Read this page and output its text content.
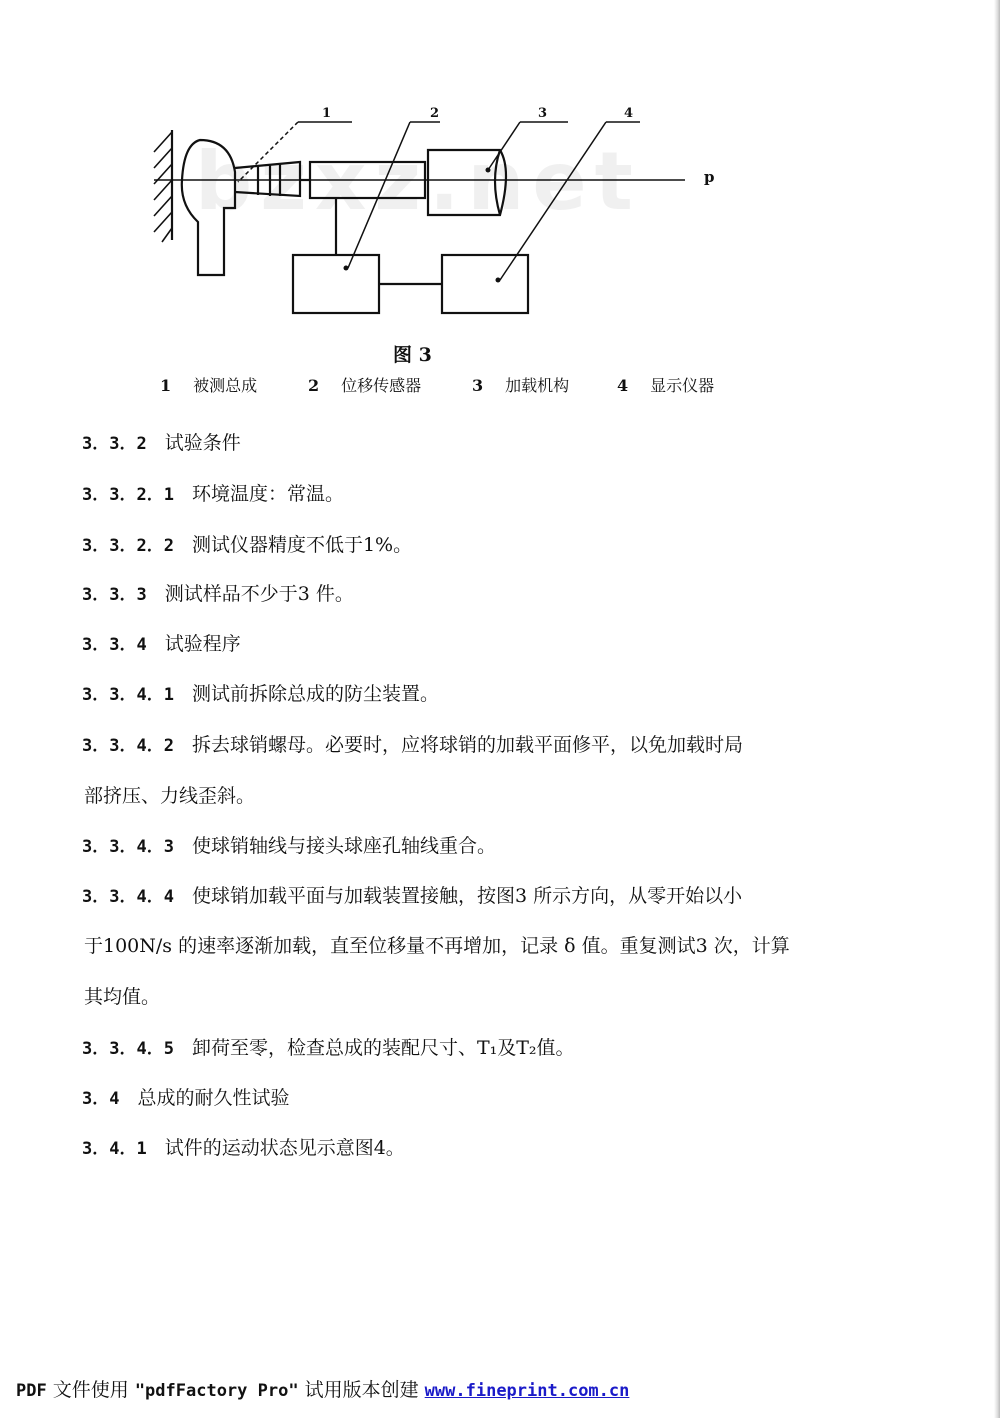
1	2	3	4
p
bzxz.net
图 3
1 被测总成	2 位移传感器	3 加载机构	4 显示仪器
3．3．2 试验条件
3．3．2．1 环境温度：常温。
3．3．2．2 测试仪器精度不低于1%。
3．3．3 测试样品不少于3 件。
3．3．4 试验程序
3．3．4．1 测试前拆除总成的防尘装置。
3．3．4．2 拆去球销螺母。必要时，应将球销的加载平面修平，以免加载时局
部挤压、力线歪斜。
3．3．4．3 使球销轴线与接头球座孔轴线重合。
3．3．4．4 使球销加载平面与加载装置接触，按图3 所示方向，从零开始以小
于100N/s 的速率逐渐加载，直至位移量不再增加，记录 δ 值。重复测试3 次，计算
其均值。
3．3．4．5 卸荷至零，检查总成的装配尺寸、T₁及T₂值。
3．4 总成的耐久性试验
3．4．1 试件的运动状态见示意图4。
PDF 文件使用 "pdfFactory Pro" 试用版本创建 www.fineprint.com.cn
